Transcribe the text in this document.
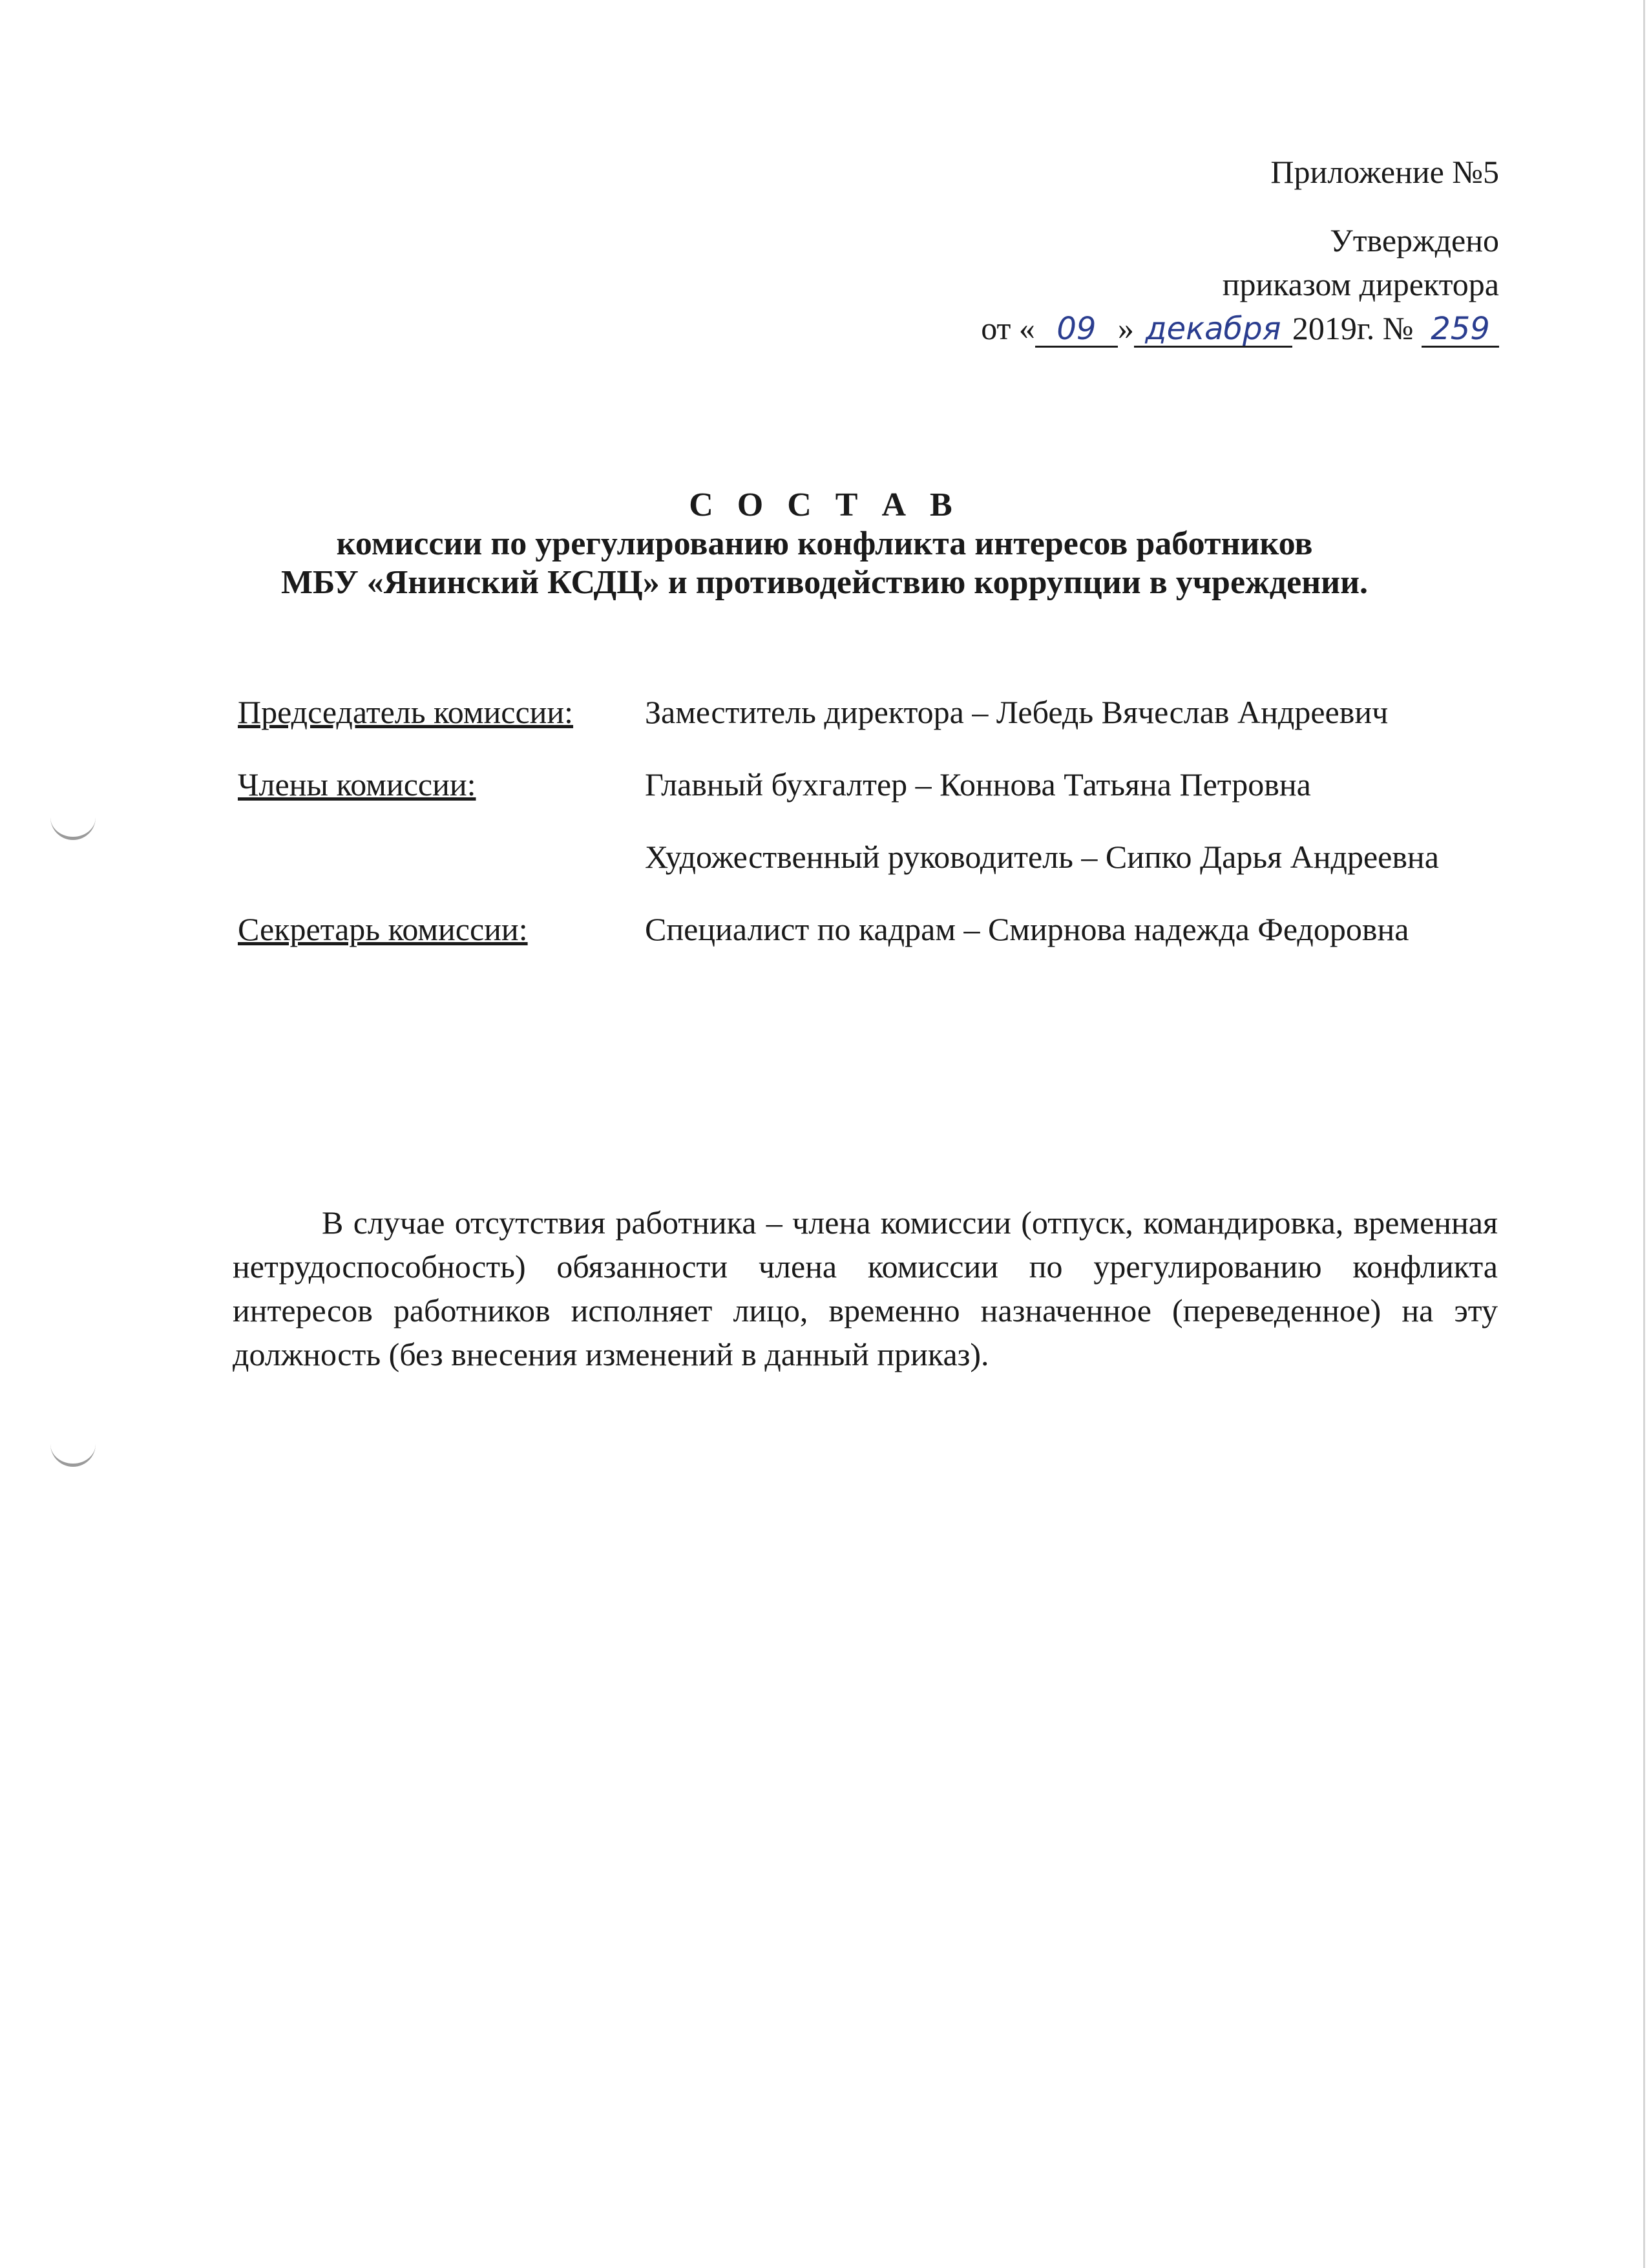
Приложение №5
Утверждено
приказом директора
от « 09 » декабря 2019г. № 259
С О С Т А В
комиссии по урегулированию конфликта интересов работников
МБУ «Янинский КСДЦ» и противодействию коррупции в учреждении.
Председатель комиссии:	Заместитель директора – Лебедь Вячеслав Андреевич
Члены комиссии:	Главный бухгалтер – Коннова Татьяна Петровна
Художественный руководитель – Сипко Дарья Андреевна
Секретарь комиссии:	Специалист по кадрам – Смирнова надежда Федоровна
В случае отсутствия работника – члена комиссии (отпуск, командировка, временная нетрудоспособность) обязанности члена комиссии по урегулированию конфликта интересов работников исполняет лицо, временно назначенное (переведенное) на эту должность (без внесения изменений в данный приказ).
